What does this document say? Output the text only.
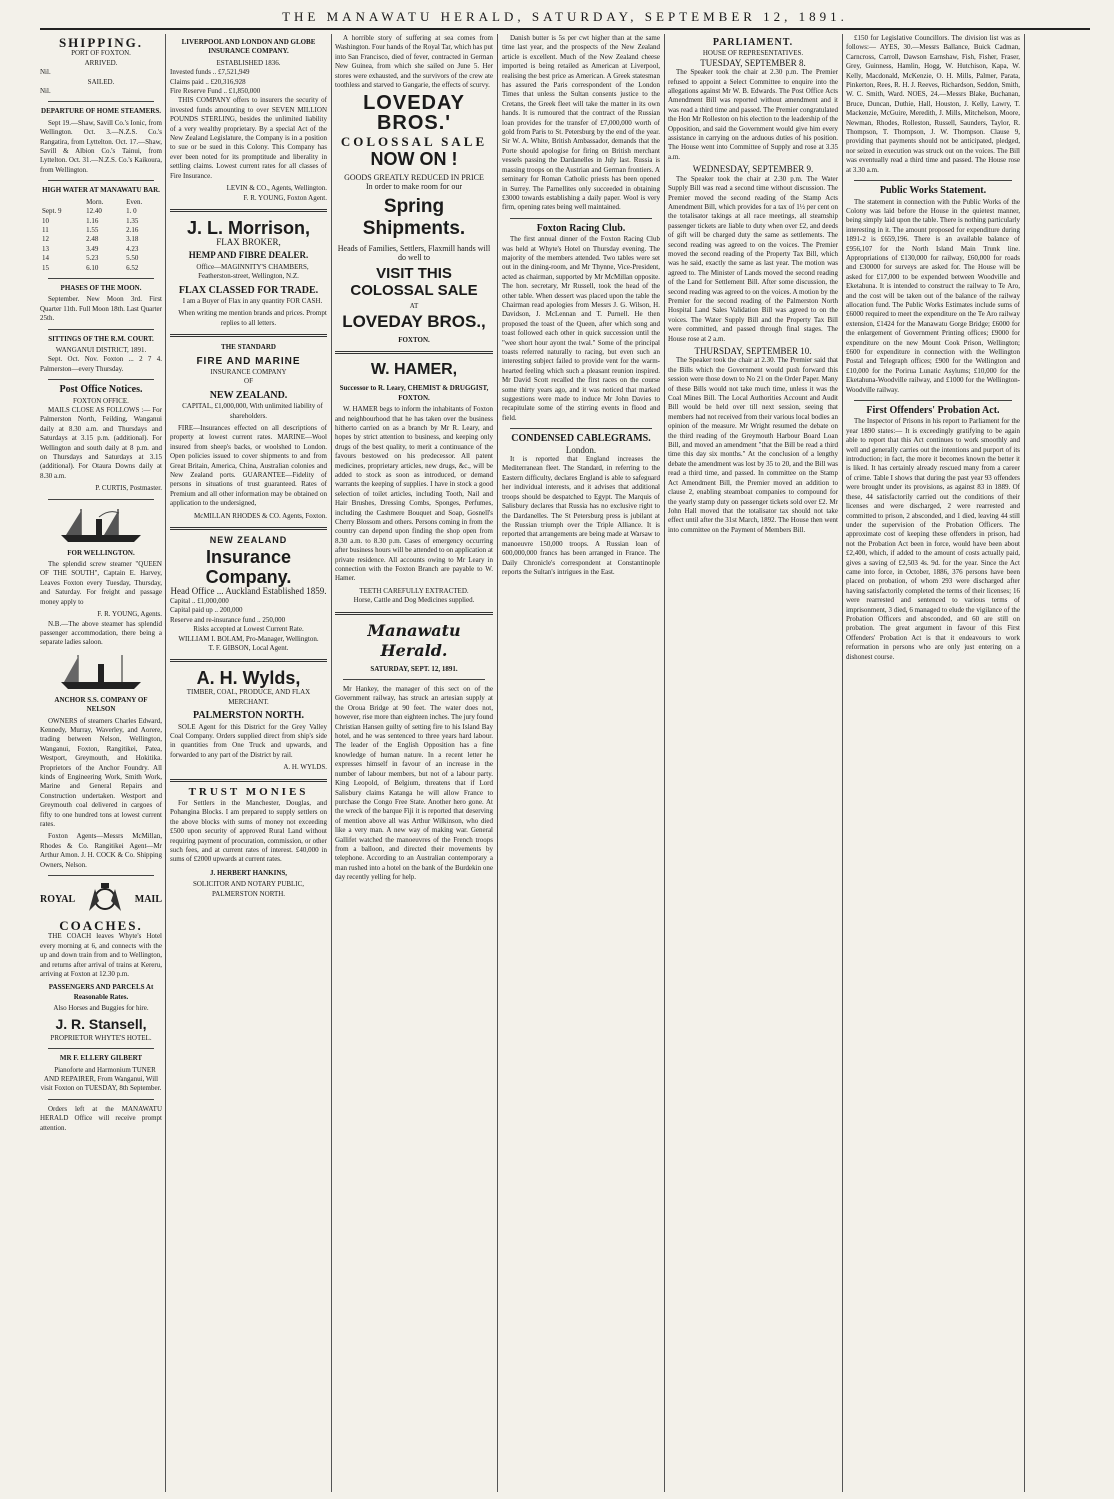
THE MANAWATU HERALD, SATURDAY, SEPTEMBER 12, 1891.
SHIPPING.
PORT OF FOXTON.
ARRIVED.
Nil.
SAILED.
Nil.
DEPARTURE OF HOME STEAMERS.

Sept 19.—Shaw, Savill Co.'s Ionic, from Wellington. Oct. 3.—N.Z.S. Co.'s Rangatira, from Lyttelton. Oct. 17.—Shaw, Savill & Albion Co.'s Tainui, from Lyttelton. Oct. 31.—N.Z.S. Co.'s Kaikoura, from Wellington.

HIGH WATER AT MANAWATU BAR.
	Morn.	Even.
Sept. 9	12.40	1. 0
10	1.16	1.35
11	1.55	2.16
12	2.48	3.18
13	3.49	4.23
14	5.23	5.50
15	6.10	6.52
PHASES OF THE MOON.

September. New Moon 3rd. First Quarter 11th. Full Moon 18th. Last Quarter 25th.

SITTINGS OF THE R.M. COURT.
WANGANUI DISTRICT, 1891.

Sept. Oct. Nov. Foxton ... 2 7 4. Palmerston—every Thursday.

Post Office Notices.
FOXTON OFFICE.

MAILS CLOSE AS FOLLOWS :— For Palmerston North, Feilding, Wanganui daily at 8.30 a.m. and Thursdays and Saturdays at 3.15 p.m. (additional). For Wellington and south daily at 8 p.m. and on Thursdays and Saturdays at 3.15 (additional). For Otaura Downs daily at 8.30 a.m.

P. CURTIS, Postmaster.
FOR WELLINGTON.

The splendid screw steamer "QUEEN OF THE SOUTH", Captain E. Harvey, Leaves Foxton every Tuesday, Thursday, and Saturday. For freight and passage money apply to

F. R. YOUNG, Agents.

N.B.—The above steamer has splendid passenger accommodation, there being a separate ladies saloon.

ANCHOR S.S. COMPANY OF NELSON

OWNERS of steamers Charles Edward, Kennedy, Murray, Waverley, and Aorere, trading between Nelson, Wellington, Wanganui, Foxton, Rangitikei, Patea, Westport, Greymouth, and Hokitika. Proprietors of the Anchor Foundry. All kinds of Engineering Work, Smith Work, Marine and General Repairs and Construction undertaken. Westport and Greymouth coal delivered in cargoes of fifty to one hundred tons at lowest current rates.

Foxton Agents—Messrs McMillan, Rhodes & Co. Rangitikei Agent—Mr Arthur Amon. J. H. COCK & Co. Shipping Owners, Nelson.

ROYAL	MAIL
COACHES.

THE COACH leaves Whyte's Hotel every morning at 6, and connects with the up and down train from and to Wellington, and returns after arrival of trains at Kereru, arriving at Foxton at 12.30 p.m.

PASSENGERS AND PARCELS At Reasonable Rates.
Also Horses and Buggies for hire.
J. R. Stansell,
PROPRIETOR WHYTE'S HOTEL.
MR F. ELLERY GILBERT

Pianoforte and Harmonium TUNER AND REPAIRER, From Wanganui, Will visit Foxton on TUESDAY, 8th September.

Orders left at the MANAWATU HERALD Office will receive prompt attention.

LIVERPOOL AND LONDON AND GLOBE INSURANCE COMPANY.
ESTABLISHED 1836.
Invested funds .. £7,521,949
Claims paid .. £20,316,928
Fire Reserve Fund .. £1,850,000

THIS COMPANY offers to insurers the security of invested funds amounting to over SEVEN MILLION POUNDS STERLING, besides the unlimited liability of a very wealthy proprietary. By a special Act of the New Zealand Legislature, the Company is in a position to sue or be sued in this Colony. This Company has ever been noted for its promptitude and liberality in settling claims. Lowest current rates for all classes of Fire Insurance.

LEVIN & CO., Agents, Wellington.
F. R. YOUNG, Foxton Agent.
J. L. Morrison,
FLAX BROKER,
HEMP AND FIBRE DEALER.

Office—MAGINNITY'S CHAMBERS, Featherston-street, Wellington, N.Z.

FLAX CLASSED FOR TRADE.

I am a Buyer of Flax in any quantity FOR CASH.

When writing me mention brands and prices. Prompt replies to all letters.

THE STANDARD
FIRE AND MARINE
INSURANCE COMPANY
OF
NEW ZEALAND.

CAPITAL, £1,000,000, With unlimited liability of shareholders.

FIRE—Insurances effected on all descriptions of property at lowest current rates. MARINE—Wool insured from sheep's backs, or woolshed to London. Open policies issued to cover shipments to and from Great Britain, America, China, Australian colonies and New Zealand ports. GUARANTEE—Fidelity of persons in situations of trust guaranteed. Rates of Premium and all other information may be obtained on application to the undersigned,

McMILLAN RHODES & CO. Agents, Foxton.
NEW ZEALAND
Insurance Company.
Head Office ... Auckland Established 1859.
Capital .. £1,000,000
Capital paid up .. 200,000
Reserve and re-insurance fund .. 250,000
Risks accepted at Lowest Current Rate.
WILLIAM I. BOLAM, Pro-Manager, Wellington.
T. F. GIBSON, Local Agent.
A. H. Wylds,
TIMBER, COAL, PRODUCE, AND FLAX MERCHANT.
PALMERSTON NORTH.

SOLE Agent for this District for the Grey Valley Coal Company. Orders supplied direct from ship's side in quantities from One Truck and upwards, and forwarded to any part of the District by rail.

A. H. WYLDS.
TRUST MONIES

For Settlers in the Manchester, Douglas, and Pohangina Blocks. I am prepared to supply settlers on the above blocks with sums of money not exceeding £500 upon security of approved Rural Land without requiring payment of procuration, commission, or other such fees, and at current rates of interest. £40,000 in sums of £2000 upwards at current rates.

J. HERBERT HANKINS,
SOLICITOR AND NOTARY PUBLIC, PALMERSTON NORTH.

A horrible story of suffering at sea comes from Washington. Four hands of the Royal Tar, which has put into San Francisco, died of fever, contracted in German New Guinea, from which she sailed on June 5. Her stores were exhausted, and the survivors of the crew ate toothless and starved to Gangarie, the effects of scurvy.

LOVEDAY BROS.'
COLOSSAL SALE
NOW ON !
GOODS GREATLY REDUCED IN PRICE
In order to make room for our
Spring Shipments.
Heads of Families, Settlers, Flaxmill hands will do well to
VISIT THIS COLOSSAL SALE
AT
LOVEDAY BROS.,
FOXTON.
W. HAMER,
Successor to R. Leary, CHEMIST & DRUGGIST, FOXTON.

W. HAMER begs to inform the inhabitants of Foxton and neighbourhood that he has taken over the business hitherto carried on as a branch by Mr R. Leary, and hopes by strict attention to business, and keeping only drugs of the best quality, to merit a continuance of the favours bestowed on his predecessor. All patent medicines, proprietary articles, new drugs, &c., will be added to stock as soon as introduced, or demand warrants the keeping of supplies. I have in stock a good selection of toilet articles, including Tooth, Nail and Hair Brushes, Dressing Combs, Sponges, Perfumes, including the Cashmere Bouquet and Soap, Gosnell's Cherry Blossom and others. Persons coming in from the country can depend upon finding the shop open from 8.30 a.m. to 8.30 p.m. Cases of emergency occurring after business hours will be attended to on application at private residence. All accounts owing to Mr Leary in connection with the Foxton Branch are payable to W. Hamer.

TEETH CAREFULLY EXTRACTED.
Horse, Cattle and Dog Medicines supplied.
Manawatu Herald.
SATURDAY, SEPT. 12, 1891.

Mr Hankey, the manager of this sect on of the Government railway, has struck an artesian supply at the Oroua Bridge at 90 feet. The water does not, however, rise more than eighteen inches. The jury found Christian Hansen guilty of setting fire to his Island Bay hotel, and he was sentenced to three years hard labour. The leader of the English Opposition has a fine knowledge of human nature. In a recent letter he expresses himself in favour of an increase in the number of labour members, but not of a labour party. King Leopold, of Belgium, threatens that if Lord Salisbury claims Katanga he will allow France to purchase the Congo Free State. Another hero gone. At the wreck of the barque Fiji it is reported that deserving of mention above all was Arthur Wilkinson, who died like a very man. A new way of making war. General Gallifet watched the manoeuvres of the French troops from a balloon, and directed their movements by telephone. According to an Australian contemporary a man rushed into a hotel on the bank of the Burdekin one day recently yelling for help.

Danish butter is 5s per cwt higher than at the same time last year, and the prospects of the New Zealand article is excellent. Much of the New Zealand cheese imported is being retailed as American at Liverpool, realising the best price as American. A Greek statesman has assured the Paris correspondent of the London Times that unless the Sultan consents justice to the Cretans, the Greek fleet will take the matter in its own hands. It is rumoured that the contract of the Russian loan provides for the transfer of £7,000,000 worth of gold from Paris to St. Petersburg by the end of the year. Sir W. A. White, British Ambassador, demands that the Porte should apologise for firing on British merchant vessels passing the Dardanelles in July last. Russia is massing troops on the Austrian and German frontiers. A seminary for Roman Catholic priests has been opened in Surrey. The Parnellites only succeeded in obtaining £3000 towards establishing a daily paper. Wool is very firm, opening rates being well maintained.

Foxton Racing Club.

The first annual dinner of the Foxton Racing Club was held at Whyte's Hotel on Thursday evening. The majority of the members attended. Two tables were set out in the dining-room, and Mr Thynne, Vice-President, acted as chairman, supported by Mr McMillan opposite. The hon. secretary, Mr Russell, took the head of the other table. When dessert was placed upon the table the Chairman read apologies from Messrs J. G. Wilson, H. Davidson, J. McLennan and T. Purnell. He then proposed the toast of the Queen, after which song and toast followed each other in quick succession until the "wee short hour ayont the twal." Some of the principal toasts referred naturally to racing, but even such an interesting subject failed to provide vent for the warm-hearted feeling which such a pleasant reunion inspired. Mr David Scott recalled the first races on the course some thirty years ago, and it was noticed that marked suggestions were made to induce Mr John Davies to recapitulate some of the stirring events in flood and field.

CONDENSED CABLEGRAMS.
London.

It is reported that England increases the Mediterranean fleet. The Standard, in referring to the Eastern difficulty, declares England is able to safeguard her individual interests, and it advises that additional troops should be despatched to Egypt. The Marquis of Salisbury declares that Russia has no exclusive right to the Dardanelles. The St Petersburg press is jubilant at the Russian triumph over the Triple Alliance. It is reported that arrangements are being made at Warsaw to manoeuvre 150,000 troops. A Russian loan of 600,000,000 francs has been arranged in France. The Daily Chronicle's correspondent at Constantinople reports the Sultan's intrigues in the East.

PARLIAMENT.
HOUSE OF REPRESENTATIVES.
TUESDAY, SEPTEMBER 8.

The Speaker took the chair at 2.30 p.m. The Premier refused to appoint a Select Committee to enquire into the allegations against Mr W. B. Edwards. The Post Office Acts Amendment Bill was reported without amendment and it was read a third time and passed. The Premier congratulated the Hon Mr Rolleston on his election to the leadership of the Opposition, and said the Government would give him every assistance in carrying on the arduous duties of his position. The House went into Committee of Supply and rose at 3.35 a.m.

WEDNESDAY, SEPTEMBER 9.

The Speaker took the chair at 2.30 p.m. The Water Supply Bill was read a second time without discussion. The Premier moved the second reading of the Stamp Acts Amendment Bill, which provides for a tax of 1½ per cent on the totalisator takings at all race meetings, all steamship passenger tickets are liable to duty when over £2, and deeds of gift will be charged duty the same as settlements. The second reading was agreed to on the voices. The Premier moved the second reading of the Property Tax Bill, which was he said, exactly the same as last year. The motion was agreed to. The Minister of Lands moved the second reading of the Land for Settlement Bill. After some discussion, the second reading was agreed to on the voices. A motion by the Premier for the second reading of the Palmerston North Hospital Land Sales Validation Bill was agreed to on the voices. The Water Supply Bill and the Property Tax Bill were committed, and passed through final stages. The House rose at 2 a.m.

THURSDAY, SEPTEMBER 10.

The Speaker took the chair at 2.30. The Premier said that the Bills which the Government would push forward this session were those down to No 21 on the Order Paper. Many of these Bills would not take much time, unless it was the Coal Mines Bill. The Local Authorities Account and Audit Bill would be held over till next session, seeing that members had not received from their various local bodies an opinion of the measure. Mr Wright resumed the debate on the third reading of the Greymouth Harbour Board Loan Bill, and moved an amendment "that the Bill be read a third time this day six months." At the conclusion of a lengthy debate the amendment was lost by 35 to 20, and the Bill was read a third time, and passed. In committee on the Stamp Act Amendment Bill, the Premier moved an addition to clause 2, enabling steamboat companies to compound for the yearly stamp duty on passenger tickets sold over £2. Mr John Hall moved that the totalisator tax should not take effect until after the 31st March, 1892. The House then went into committee on the Payment of Members Bill.

£150 for Legislative Councillors. The division list was as follows:— AYES, 30.—Messrs Ballance, Buick Cadman, Carncross, Carroll, Dawson Earnshaw, Fish, Fisher, Fraser, Grey, Guinness, Hamlin, Hogg, W. Hutchison, Kapa, W. Kelly, Macdonald, McKenzie, O. H. Mills, Palmer, Parata, Pinkerton, Rees, R. H. J. Reeves, Richardson, Seddon, Smith, W. C. Smith, Ward. NOES, 24.—Messrs Blake, Buchanan, Bruce, Duncan, Duthie, Hall, Houston, J. Kelly, Lawry, T. Mackenzie, McGuire, Meredith, J. Mills, Mitchelson, Moore, Newman, Rhodes, Rolleston, Russell, Saunders, Taylor, R. Thompson, T. Thompson, J. W. Thompson. Clause 9, providing that payments should not be anticipated, pledged, nor seized in execution was struck out on the voices. The Bill was eventually read a third time and passed. The House rose at 3.30 a.m.

Public Works Statement.

The statement in connection with the Public Works of the Colony was laid before the House in the quietest manner, being simply laid upon the table. There is nothing particularly interesting in it. The amount proposed for expenditure during 1891-2 is £659,196. There is an available balance of £956,107 for the North Island Main Trunk line. Appropriations of £130,000 for railway, £60,000 for roads and £30000 for surveys are asked for. The House will be asked for £17,000 to be expended between Woodville and Eketahuna. It is intended to construct the railway to Te Aro, and the cost will be taken out of the balance of the railway allocation fund. The Public Works Estimates include sums of £6000 required to meet the expenditure on the Te Aro railway extension, £1424 for the Manawatu Gorge Bridge; £6000 for the enlargement of Government Printing offices; £9000 for expenditure on the new Mount Cook Prison, Wellington; £600 for expenditure in connection with the Wellington Postal and Telegraph offices; £900 for the Wellington and £10,000 for the Porirua Lunatic Asylums; £10,000 for the Eketahuna-Woodville railway, and £1000 for the Wellington-Woodville railway.

First Offenders' Probation Act.

The Inspector of Prisons in his report to Parliament for the year 1890 states:— It is exceedingly gratifying to be again able to report that this Act continues to work smoothly and well and generally carries out the intentions and purport of its introduction; in fact, the more it becomes known the better it is liked. It has certainly already rescued many from a career of crime. Table I shows that during the past year 93 offenders were brought under its provisions, as against 83 in 1889. Of these, 44 satisfactorily carried out the conditions of their licenses and were discharged, 2 were rearrested and committed to prison, 2 absconded, and 1 died, leaving 44 still under the supervision of the Probation Officers. The approximate cost of keeping these offenders in prison, had not the Probation Act been in force, would have been about £2,400, which, if added to the amount of costs actually paid, gives a saving of £2,503 4s. 9d. for the year. Since the Act came into force, in October, 1886, 376 persons have been placed on probation, of whom 293 were discharged after having satisfactorily completed the terms of their licenses; 16 were rearrested and sentenced to various terms of imprisonment, 3 died, 6 managed to elude the vigilance of the Probation Officers and absconded, and 60 are still on probation. The great argument in favour of this First Offenders' Probation Act is that it endeavours to work reformation in persons who are only just entering on a dishonest course.
